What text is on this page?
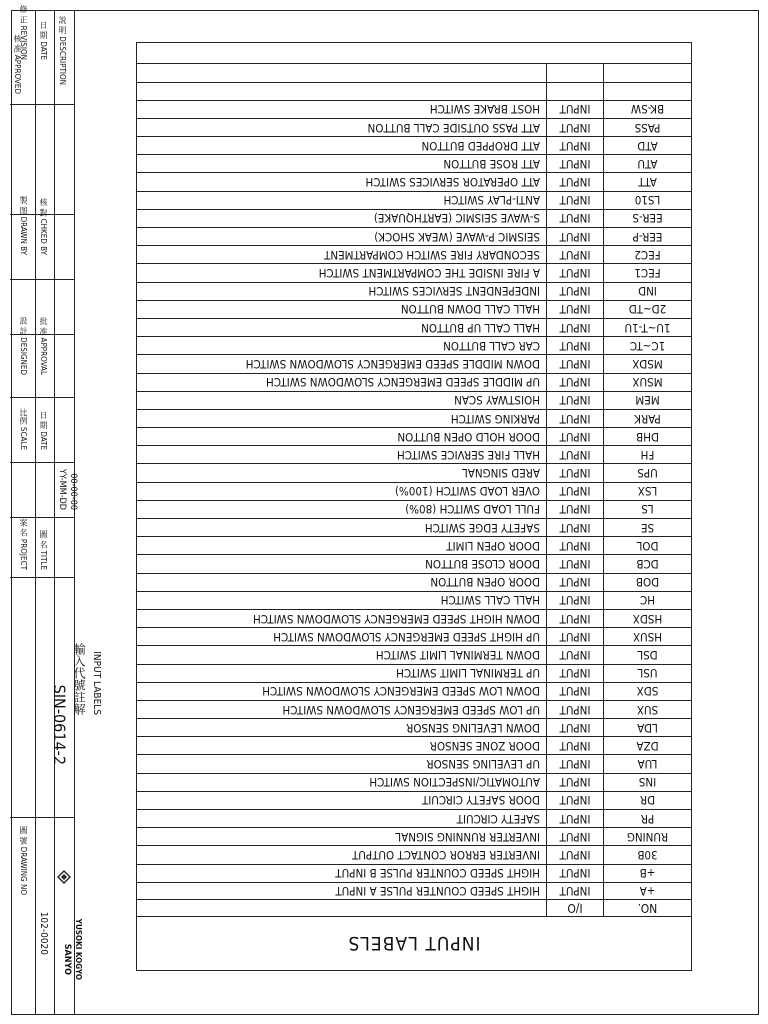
INPUT LABELS
NO.
I/O
+A
INPUT
HIGHT SPEED COUNTER PULSE A INPUT
+B
INPUT
HIGHT SPEED COUNTER PULSE B INPUT
30B
INPUT
INVERTER ERROR CONTACT OUTPUT
RUNING
INPUT
INVERTER RUNNING SIGNAL
PR
INPUT
SAFETY CIRCUIT
DR
INPUT
DOOR SAFETY CIRCUIT
INS
INPUT
AUTOMATIC/INSPECTION SWITCH
LUA
INPUT
UP LEVELING SENSOR
DZA
INPUT
DOOR ZONE SENSOR
LDA
INPUT
DOWN LEVELING SENSOR
SUX
INPUT
UP LOW SPEED EMERGENCY SLOWDOWN SWITCH
SDX
INPUT
DOWN LOW SPEED EMERGENCY SLOWDOWN SWITCH
USL
INPUT
UP TERMINAL LIMIT SWITCH
DSL
INPUT
DOWN TERMINAL LIMIT SWITCH
HSUX
INPUT
UP HIGHT SPEED EMERGENCY SLOWDOWN SWITCH
HSDX
INPUT
DOWN HIGHT SPEED EMERGENCY SLOWDOWN SWITCH
HC
INPUT
HALL CALL SWITCH
DOB
INPUT
DOOR OPEN BUTTON
DCB
INPUT
DOOR CLOSE BUTTON
DOL
INPUT
DOOR OPEN LIMIT
SE
INPUT
SAFETY EDGE SWITCH
LS
INPUT
FULL LOAD SWITCH (80%)
LSX
INPUT
OVER LOAD SWITCH (100%)
UPS
INPUT
ARED SINGNAL
FH
INPUT
HALL FIRE SERVICE SWITCH
DHB
INPUT
DOOR HOLD OPEN BUTTON
PARK
INPUT
PARKING SWITCH
MEM
INPUT
HOISTWAY SCAN
MSUX
INPUT
UP MIDDLE SPEED EMERGENCY SLOWDOWN SWITCH
MSDX
INPUT
DOWN MIDDLE SPEED EMERGENCY SLOWDOWN SWITCH
1C~TC
INPUT
CAR CALL BUTTON
1U~T-1U
INPUT
HALL CALL UP BUTTON
2D~TD
INPUT
HALL CALL DOWN BUTTON
IND
INPUT
INDEPENDENT SERVICES SWITCH
FEC1
INPUT
A FIRE INSIDE THE COMPARTMENT SWITCH
FEC2
INPUT
SECONDARY FIRE SWITCH COMPARTMENT
EER-P
INPUT
SEISMIC P-WAVE (WEAK SHOCK)
EER-S
INPUT
S-WAVE SEISMIC (EARTHQUAKE)
LS10
INPUT
ANTI-PLAY SWITCH
ATT
INPUT
ATT OPERATOR SERVICES SWITCH
ATU
INPUT
ATT ROSE BUTTON
ATD
INPUT
ATT DROPPED BUTTON
PASS
INPUT
ATT PASS OUTSIDE CALL BUTTON
BK-SW
INPUT
HOST BRAKE SWITCH
修 正 REVISION 日 期 DATE 説 明 DESCRIPTION
製 图 DRAWN BY 核 對 CHKED BY
設 計 DESIGNED 批 准 APPROVAL
比例 SCALE 日 期 DATE
YY-MM-DD 00-00-00
案 名 PROJECT 圖 名 TITLE
SIN-0614-2
輸入代號註解 INPUT LABELS
圖 號 DRAWING NO
102-0020
SANYO YUSOKI KOGYO
核 准 APPROVED
